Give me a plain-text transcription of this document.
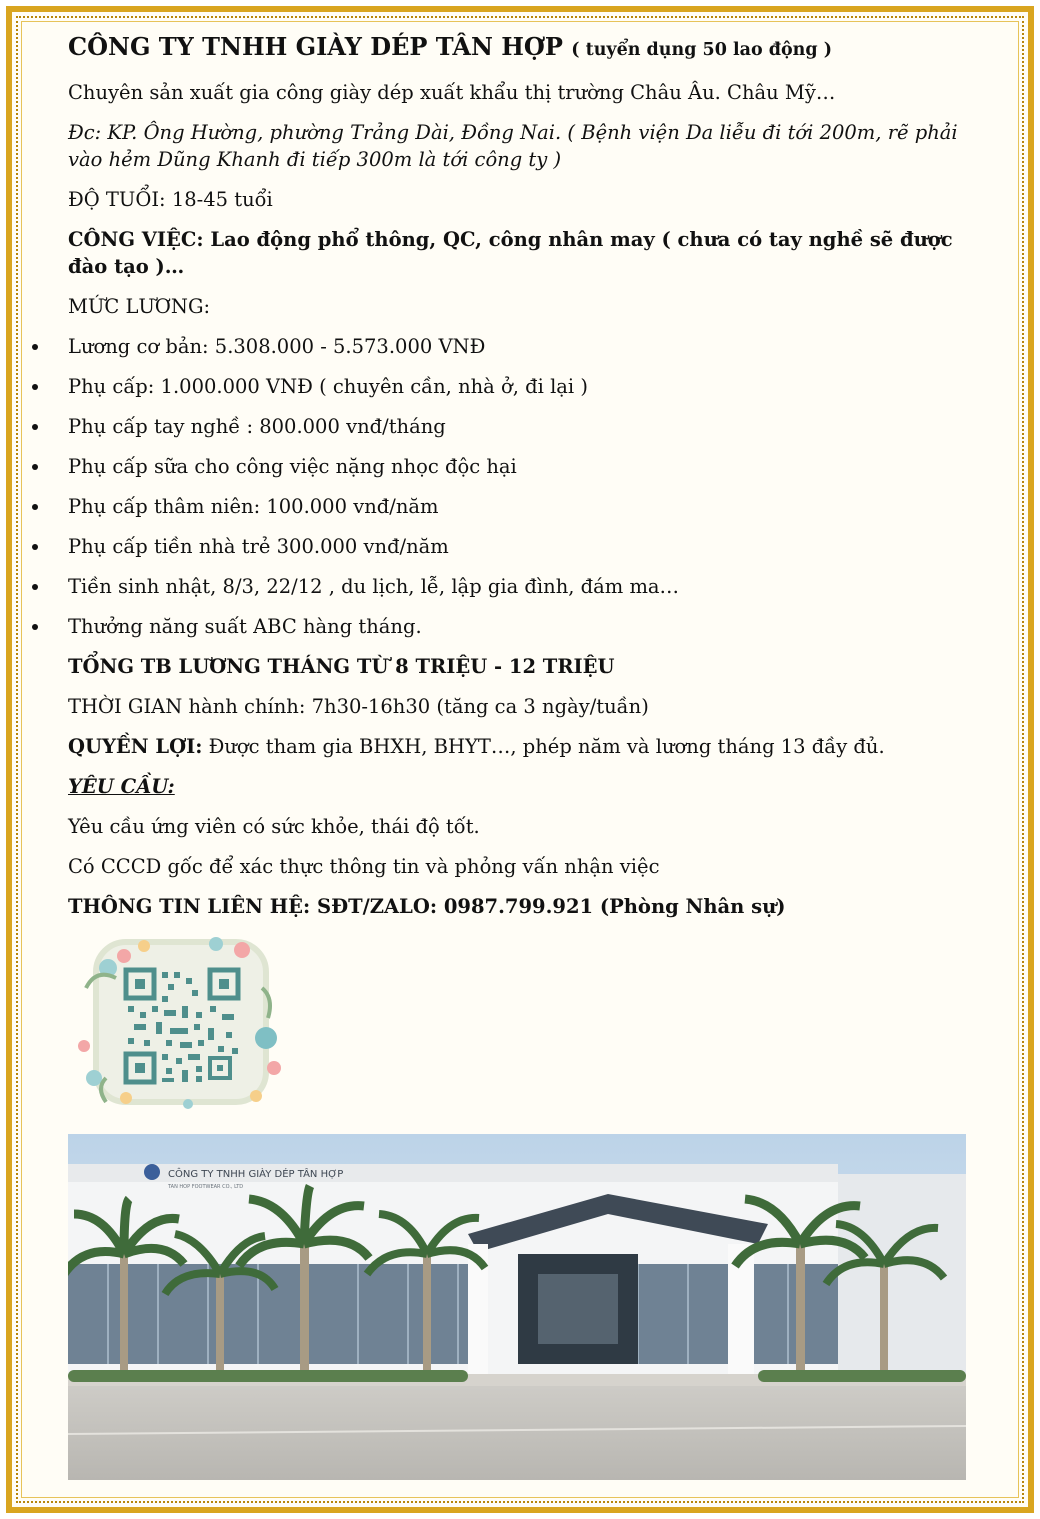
CÔNG TY TNHH GIÀY DÉP TÂN HỢP ( tuyển dụng 50 lao động )

Chuyên sản xuất gia công giày dép xuất khẩu thị trường Châu Âu. Châu Mỹ…

Đc: KP. Ông Hường, phường Trảng Dài, Đồng Nai. ( Bệnh viện Da liễu đi tới 200m, rẽ phải vào hẻm Dũng Khanh đi tiếp 300m là tới công ty )

ĐỘ TUỔI: 18-45 tuổi

CÔNG VIỆC: Lao động phổ thông, QC, công nhân may ( chưa có tay nghề sẽ được đào tạo )…

MỨC LƯƠNG:

Lương cơ bản: 5.308.000 - 5.573.000 VNĐ
Phụ cấp: 1.000.000 VNĐ ( chuyên cần, nhà ở, đi lại )
Phụ cấp tay nghề : 800.000 vnđ/tháng
Phụ cấp sữa cho công việc nặng nhọc độc hại
Phụ cấp thâm niên: 100.000 vnđ/năm
Phụ cấp tiền nhà trẻ 300.000 vnđ/năm
Tiền sinh nhật, 8/3, 22/12 , du lịch, lễ, lập gia đình, đám ma…
Thưởng năng suất ABC hàng tháng.

TỔNG TB LƯƠNG THÁNG TỪ 8 TRIỆU - 12 TRIỆU

THỜI GIAN hành chính: 7h30-16h30 (tăng ca 3 ngày/tuần)

QUYỀN LỢI: Được tham gia BHXH, BHYT…, phép năm và lương tháng 13 đầy đủ.

YÊU CẦU:

Yêu cầu ứng viên có sức khỏe, thái độ tốt.

Có CCCD gốc để xác thực thông tin và phỏng vấn nhận việc

THÔNG TIN LIÊN HỆ: SĐT/ZALO: 0987.799.921 (Phòng Nhân sự)

CÔNG TY TNHH GIÀY DÉP TÂN HỢP
TAN HOP FOOTWEAR CO., LTD
